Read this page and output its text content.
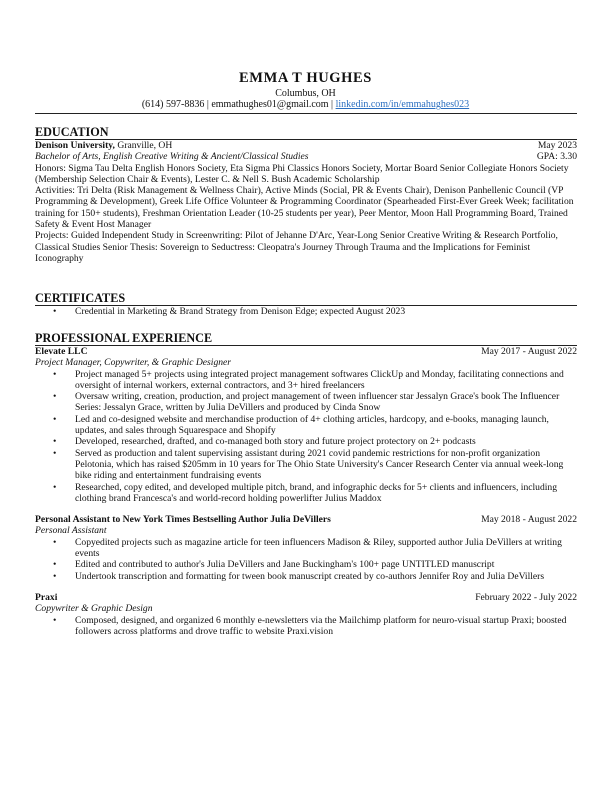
EMMA T HUGHES
Columbus, OH
(614) 597-8836 | emmathughes01@gmail.com | linkedin.com/in/emmahughes023
EDUCATION
Denison University, Granville, OH	May 2023
Bachelor of Arts, English Creative Writing & Ancient/Classical Studies	GPA: 3.30

Honors: Sigma Tau Delta English Honors Society, Eta Sigma Phi Classics Honors Society, Mortar Board Senior Collegiate Honors Society (Membership Selection Chair & Events), Lester C. & Nell S. Bush Academic Scholarship

Activities: Tri Delta (Risk Management & Wellness Chair), Active Minds (Social, PR & Events Chair), Denison Panhellenic Council (VP Programming & Development), Greek Life Office Volunteer & Programming Coordinator (Spearheaded First-Ever Greek Week; facilitation training for 150+ students), Freshman Orientation Leader (10-25 students per year), Peer Mentor, Moon Hall Programming Board, Trained Safety & Event Host Manager

Projects: Guided Independent Study in Screenwriting: Pilot of Jehanne D'Arc, Year-Long Senior Creative Writing & Research Portfolio, Classical Studies Senior Thesis: Sovereign to Seductress: Cleopatra's Journey Through Trauma and the Implications for Feminist Iconography

CERTIFICATES
• Credential in Marketing & Brand Strategy from Denison Edge; expected August 2023
PROFESSIONAL EXPERIENCE
Elevate LLC	May 2017 - August 2022
Project Manager, Copywriter, & Graphic Designer
• Project managed 5+ projects using integrated project management softwares ClickUp and Monday, facilitating connections and oversight of internal workers, external contractors, and 3+ hired freelancers
• Oversaw writing, creation, production, and project management of tween influencer star Jessalyn Grace's book The Influencer Series: Jessalyn Grace, written by Julia DeVillers and produced by Cinda Snow
• Led and co-designed website and merchandise production of 4+ clothing articles, hardcopy, and e-books, managing launch, updates, and sales through Squarespace and Shopify
• Developed, researched, drafted, and co-managed both story and future project protectory on 2+ podcasts
• Served as production and talent supervising assistant during 2021 covid pandemic restrictions for non-profit organization Pelotonia, which has raised $205mm in 10 years for The Ohio State University's Cancer Research Center via annual week-long bike riding and entertainment fundraising events
• Researched, copy edited, and developed multiple pitch, brand, and infographic decks for 5+ clients and influencers, including clothing brand Francesca's and world-record holding powerlifter Julius Maddox
Personal Assistant to New York Times Bestselling Author Julia DeVillers	May 2018 - August 2022
Personal Assistant
• Copyedited projects such as magazine article for teen influencers Madison & Riley, supported author Julia DeVillers at writing events
• Edited and contributed to author's Julia DeVillers and Jane Buckingham's 100+ page UNTITLED manuscript
• Undertook transcription and formatting for tween book manuscript created by co-authors Jennifer Roy and Julia DeVillers
Praxi	February 2022 - July 2022
Copywriter & Graphic Design
• Composed, designed, and organized 6 monthly e-newsletters via the Mailchimp platform for neuro-visual startup Praxi; boosted followers across platforms and drove traffic to website Praxi.vision
